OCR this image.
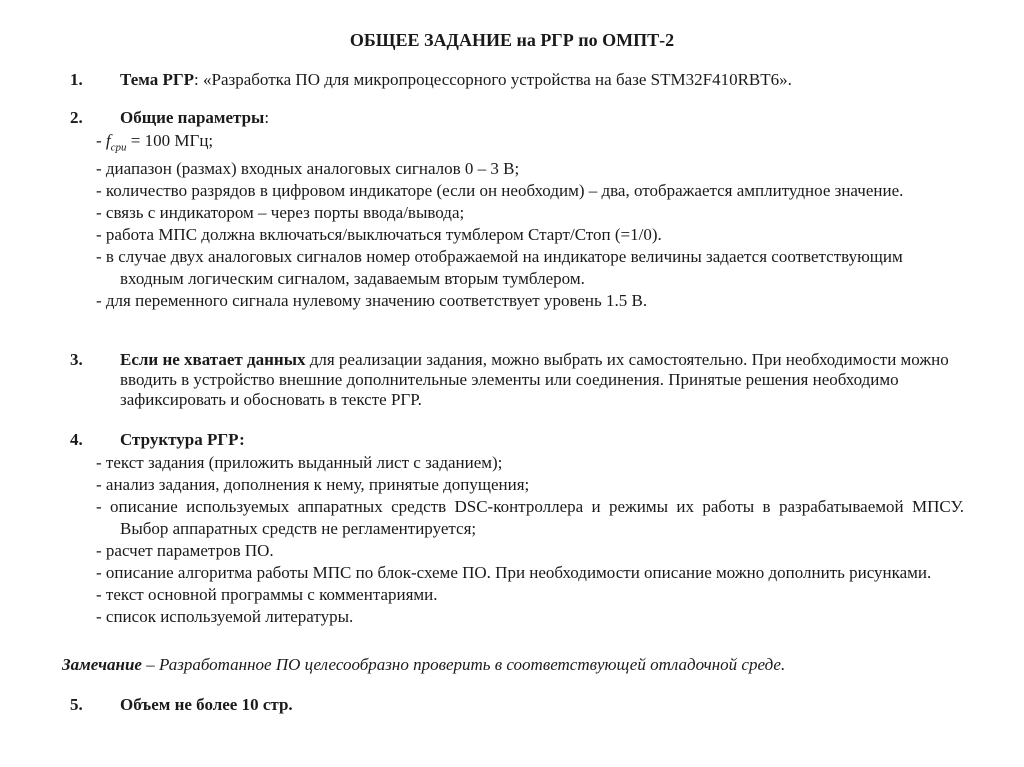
ОБЩЕЕ ЗАДАНИЕ на РГР по ОМПТ-2
1. Тема РГР: «Разработка ПО для микропроцессорного устройства на базе STM32F410RBT6».
2. Общие параметры:

- $f_{cpu} = 100$ МГц;

- диапазон (размах) входных аналоговых сигналов 0 – 3 В;

- количество разрядов в цифровом индикаторе (если он необходим) – два, отображается амплитудное значение.

- связь с индикатором – через порты ввода/вывода;

- работа МПС должна включаться/выключаться тумблером Старт/Стоп (=1/0).

- в случае двух аналоговых сигналов номер отображаемой на индикаторе величины задается соответствующим входным логическим сигналом, задаваемым вторым тумблером.

- для переменного сигнала нулевому значению соответствует уровень 1.5 В.

3. Если не хватает данных для реализации задания, можно выбрать их самостоятельно. При необходимости можно вводить в устройство внешние дополнительные элементы или соединения. Принятые решения необходимо зафиксировать и обосновать в тексте РГР.
4. Структура РГР:

- текст задания (приложить выданный лист с заданием);

- анализ задания, дополнения к нему, принятые допущения;

- описание используемых аппаратных средств DSC-контроллера и режимы их работы в разрабатываемой МПСУ. Выбор аппаратных средств не регламентируется;

- расчет параметров ПО.

- описание алгоритма работы МПС по блок-схеме ПО. При необходимости описание можно дополнить рисунками.

- текст основной программы с комментариями.

- список используемой литературы.

Замечание – Разработанное ПО целесообразно проверить в соответствующей отладочной среде.
5. Объем не более 10 стр.
